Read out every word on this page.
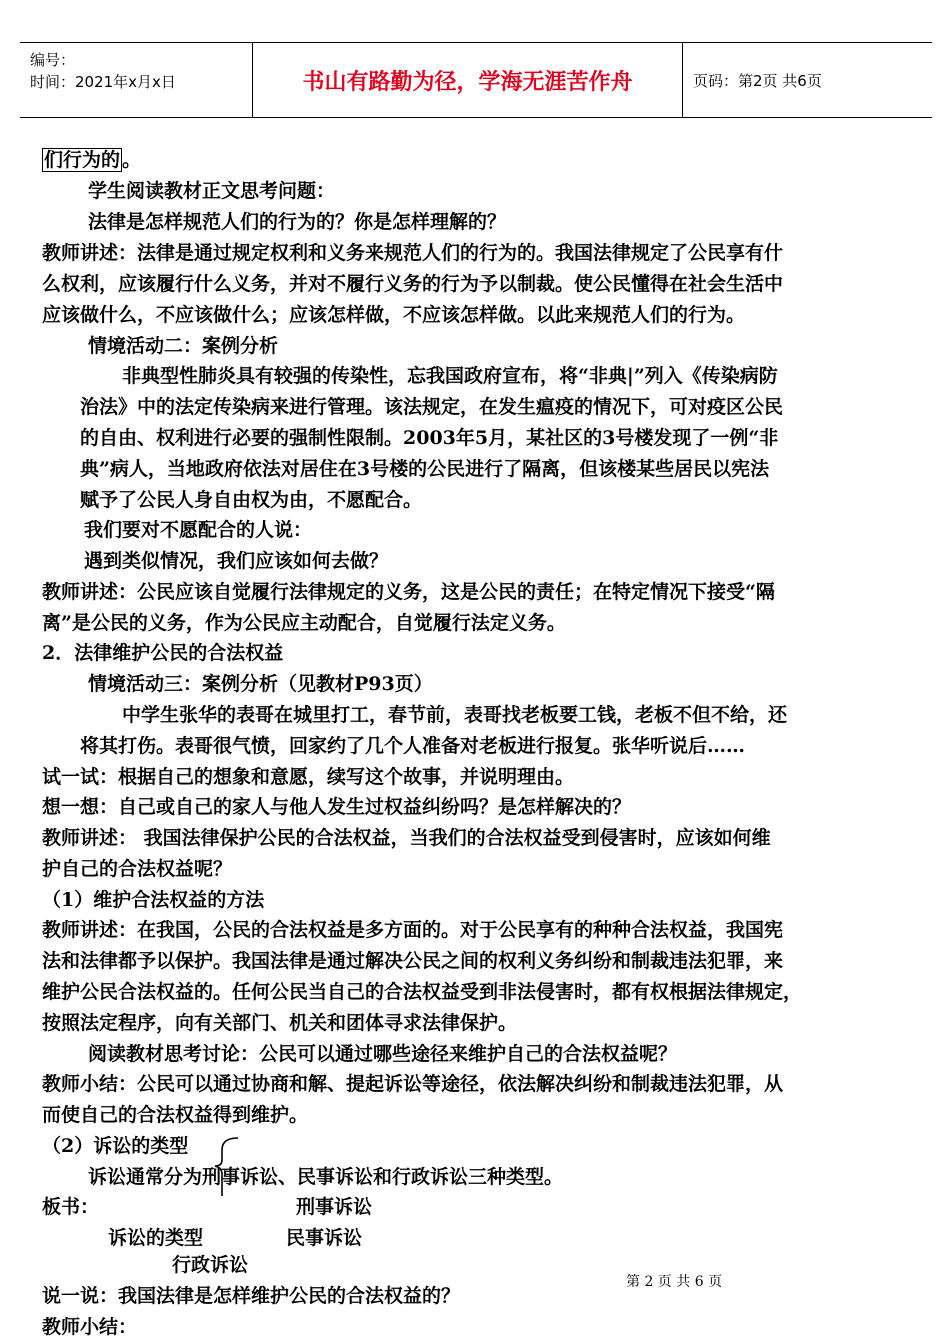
编号：
时间：2021年x月x日	书山有路勤为径，学海无涯苦作舟	页码：第2页 共6页
们行为的 。
学生阅读教材正文思考问题：
法律是怎样规范人们的行为的？你是怎样理解的？
教师讲述：法律是通过规定权利和义务来规范人们的行为的。我国法律规定了公民享有什
么权利，应该履行什么义务，并对不履行义务的行为予以制裁。使公民懂得在社会生活中
应该做什么，不应该做什么；应该怎样做，不应该怎样做。以此来规范人们的行为。
情境活动二：案例分析
非典型性肺炎具有较强的传染性，忘我国政府宣布，将“非典|”列入《传染病防
治法》中的法定传染病来进行管理。该法规定，在发生瘟疫的情况下，可对疫区公民
的自由、权利进行必要的强制性限制。2003年5月，某社区的3号楼发现了一例“非
典”病人，当地政府依法对居住在3号楼的公民进行了隔离，但该楼某些居民以宪法
赋予了公民人身自由权为由，不愿配合。
我们要对不愿配合的人说：
遇到类似情况，我们应该如何去做？
教师讲述：公民应该自觉履行法律规定的义务，这是公民的责任；在特定情况下接受“隔
离”是公民的义务，作为公民应主动配合，自觉履行法定义务。
2．法律维护公民的合法权益
情境活动三：案例分析（见教材P93页）
中学生张华的表哥在城里打工，春节前，表哥找老板要工钱，老板不但不给，还
将其打伤。表哥很气愤，回家约了几个人准备对老板进行报复。张华听说后……
试一试：根据自己的想象和意愿，续写这个故事，并说明理由。
想一想：自己或自己的家人与他人发生过权益纠纷吗？是怎样解决的？
教师讲述： 我国法律保护公民的合法权益，当我们的合法权益受到侵害时，应该如何维
护自己的合法权益呢？
（1）维护合法权益的方法
教师讲述：在我国，公民的合法权益是多方面的。对于公民享有的种种合法权益，我国宪
法和法律都予以保护。我国法律是通过解决公民之间的权利义务纠纷和制裁违法犯罪，来
维护公民合法权益的。任何公民当自己的合法权益受到非法侵害时，都有权根据法律规定，
按照法定程序，向有关部门、机关和团体寻求法律保护。
阅读教材思考讨论：公民可以通过哪些途径来维护自己的合法权益呢？
教师小结：公民可以通过协商和解、提起诉讼等途径，依法解决纠纷和制裁违法犯罪，从
而使自己的合法权益得到维护。
（2）诉讼的类型
诉讼通常分为刑事诉讼、民事诉讼和行政诉讼三种类型。
板书：	刑事诉讼
诉讼的类型	民事诉讼
行政诉讼
说一说：我国法律是怎样维护公民的合法权益的？
教师小结：
第 2 页 共 6 页
